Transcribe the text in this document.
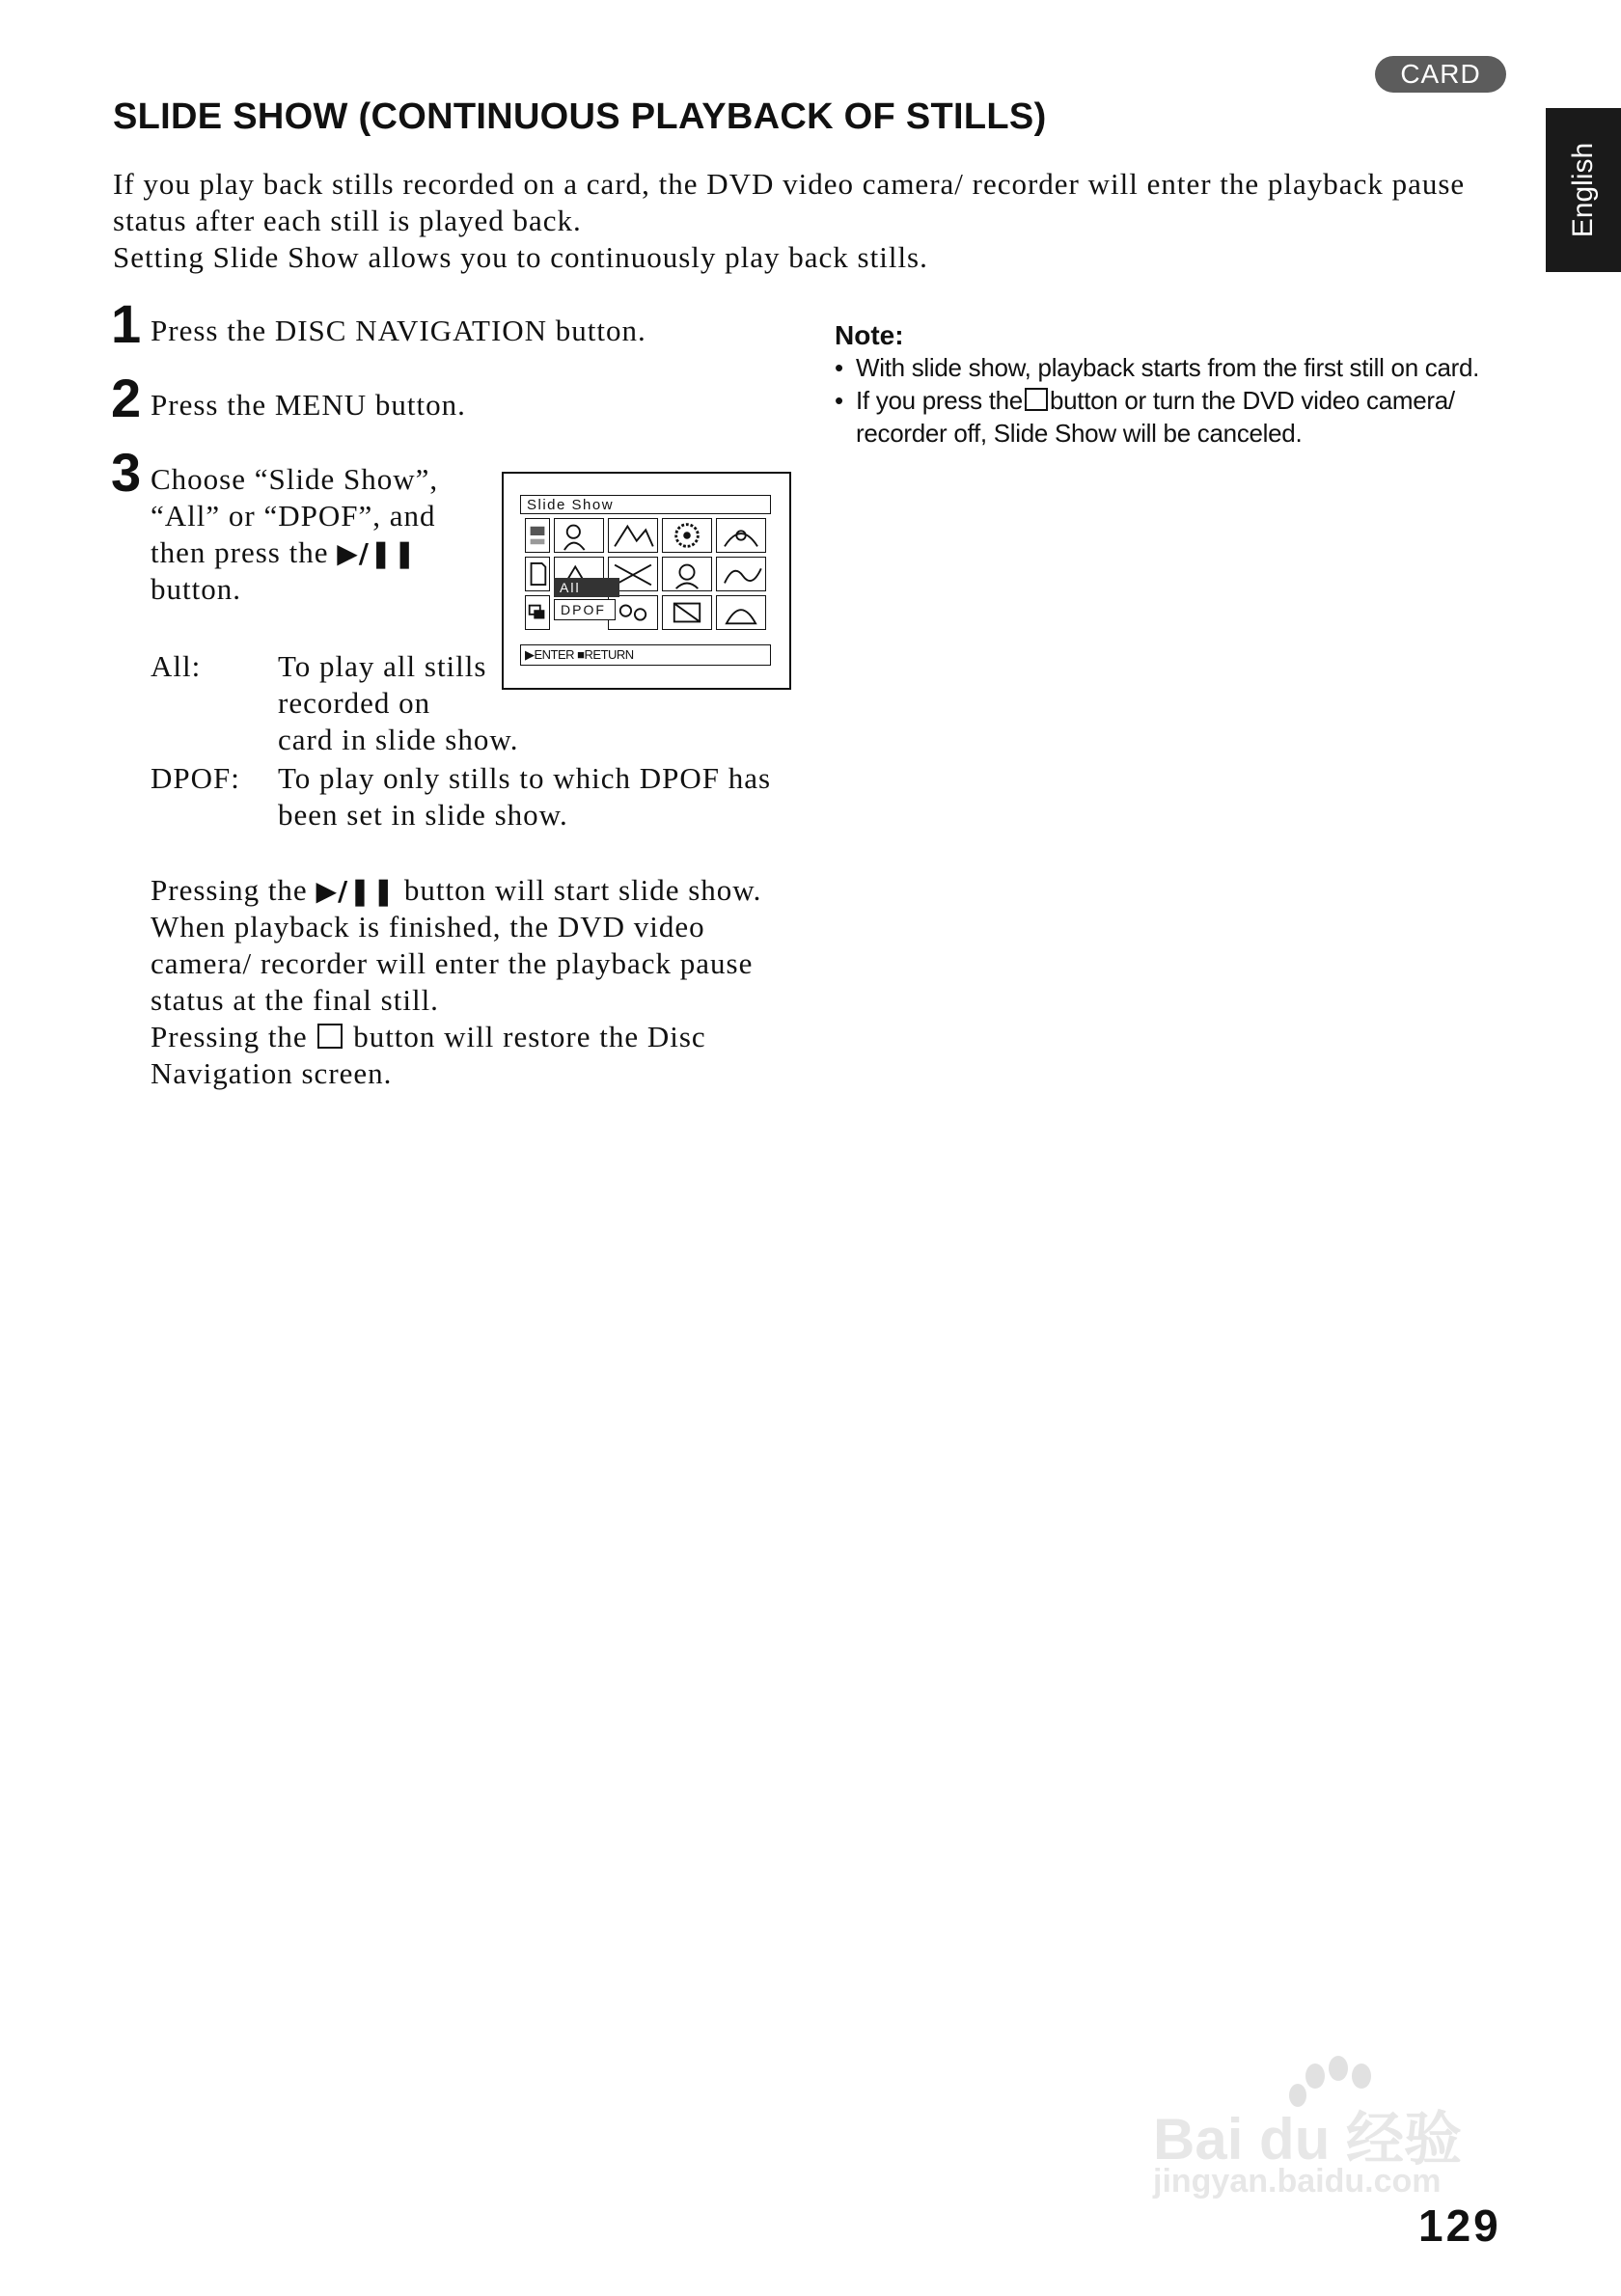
CARD
English
SLIDE SHOW (CONTINUOUS PLAYBACK OF STILLS)

If you play back stills recorded on a card, the DVD video camera/ recorder will enter the playback pause

status after each still is played back.

Setting Slide Show allows you to continuously play back stills.

1 Press the DISC NAVIGATION button.
2 Press the MENU button.
3 Choose “Slide Show”,
“All” or “DPOF”, and
then press the ▶/❚❚
button.
Slide Show
All
DPOF
▶ENTER ■RETURN
All:	To play all stills
recorded on
card in slide show.
DPOF: To play only stills to which DPOF has
been set in slide show.
Pressing the ▶/❚❚ button will start slide show.
When playback is finished, the DVD video
camera/ recorder will enter the playback pause
status at the final still.
Pressing the button will restore the Disc
Navigation screen.
Note:
• With slide show, playback starts from the first still on card.
• If you press the button or turn the DVD video camera/
recorder off, Slide Show will be canceled.
Bai du 经验
jingyan.baidu.com
129
